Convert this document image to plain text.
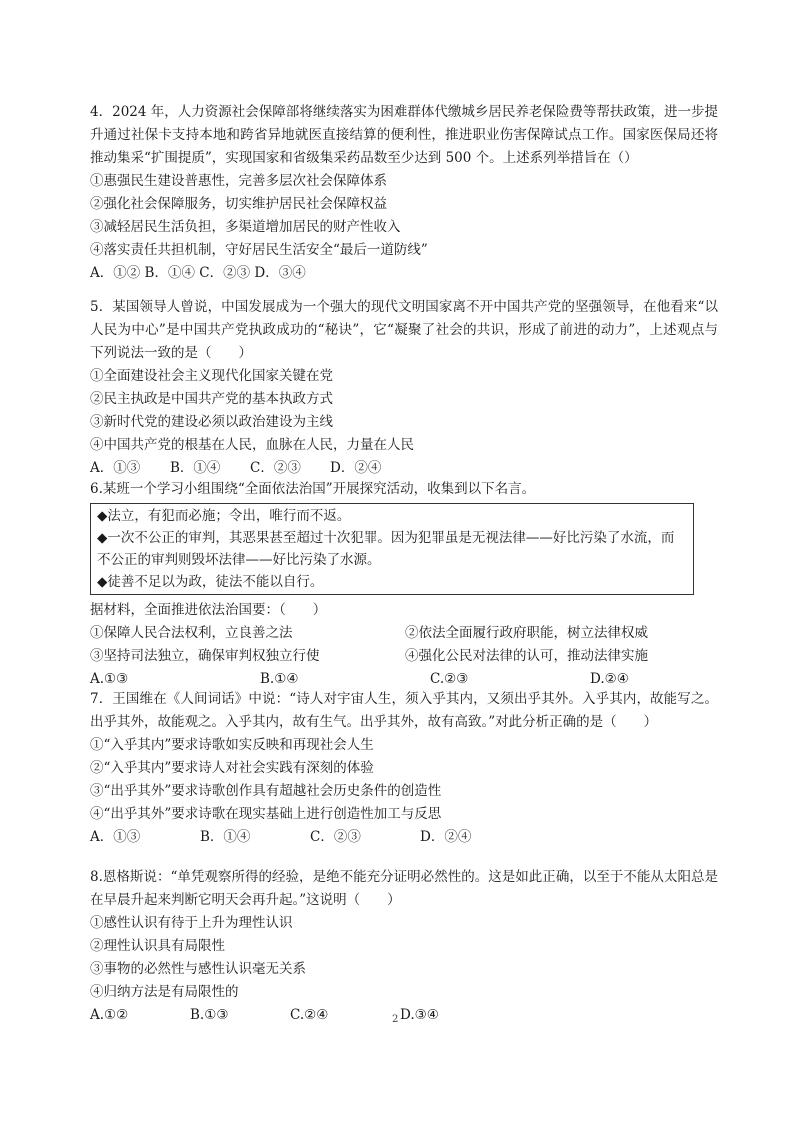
4．2024 年，人力资源社会保障部将继续落实为困难群体代缴城乡居民养老保险费等帮扶政策，进一步提升通过社保卡支持本地和跨省异地就医直接结算的便利性，推进职业伤害保障试点工作。国家医保局还将推动集采“扩围提质”，实现国家和省级集采药品数至少达到 500 个。上述系列举措旨在（）

①惠强民生建设普惠性，完善多层次社会保障体系

②强化社会保障服务，切实维护居民社会保障权益

③减轻居民生活负担，多渠道增加居民的财产性收入

④落实责任共担机制，守好居民生活安全“最后一道防线”

A．①② B．①④ C．②③ D．③④

5．某国领导人曾说，中国发展成为一个强大的现代文明国家离不开中国共产党的坚强领导，在他看来“以人民为中心”是中国共产党执政成功的“秘诀”，它“凝聚了社会的共识，形成了前进的动力”，上述观点与下列说法一致的是（　　）

①全面建设社会主义现代化国家关键在党

②民主执政是中国共产党的基本执政方式

③新时代党的建设必须以政治建设为主线

④中国共产党的根基在人民，血脉在人民，力量在人民

A．①③ B．①④ C．②③ D．②④

6.某班一个学习小组围绕“全面依法治国”开展探究活动，收集到以下名言。

◆法立，有犯而必施；令出，唯行而不返。

◆一次不公正的审判，其恶果甚至超过十次犯罪。因为犯罪虽是无视法律——好比污染了水流，而不公正的审判则毁坏法律——好比污染了水源。

◆徒善不足以为政，徒法不能以自行。

据材料，全面推进依法治国要：（　　）

①保障人民合法权利，立良善之法	②依法全面履行政府职能，树立法律权威

③坚持司法独立，确保审判权独立行使	④强化公民对法律的认可，推动法律实施

A.①③	B.①④	C.②③	D.②④

7．王国维在《人间词话》中说：“诗人对宇宙人生，须入乎其内，又须出乎其外。入乎其内，故能写之。出乎其外，故能观之。入乎其内，故有生气。出乎其外，故有高致。”对此分析正确的是（　　）

①“入乎其内”要求诗歌如实反映和再现社会人生

②“入乎其内”要求诗人对社会实践有深刻的体验

③“出乎其外”要求诗歌创作具有超越社会历史条件的创造性

④“出乎其外”要求诗歌在现实基础上进行创造性加工与反思

A．①③	B．①④	C．②③	D．②④

8.恩格斯说：“单凭观察所得的经验，是绝不能充分证明必然性的。这是如此正确，以至于不能从太阳总是在早晨升起来判断它明天会再升起。”这说明（　　）

①感性认识有待于上升为理性认识

②理性认识具有局限性

③事物的必然性与感性认识毫无关系

④归纳方法是有局限性的

A.①②	B.①③	C.②④	D.③④

2
